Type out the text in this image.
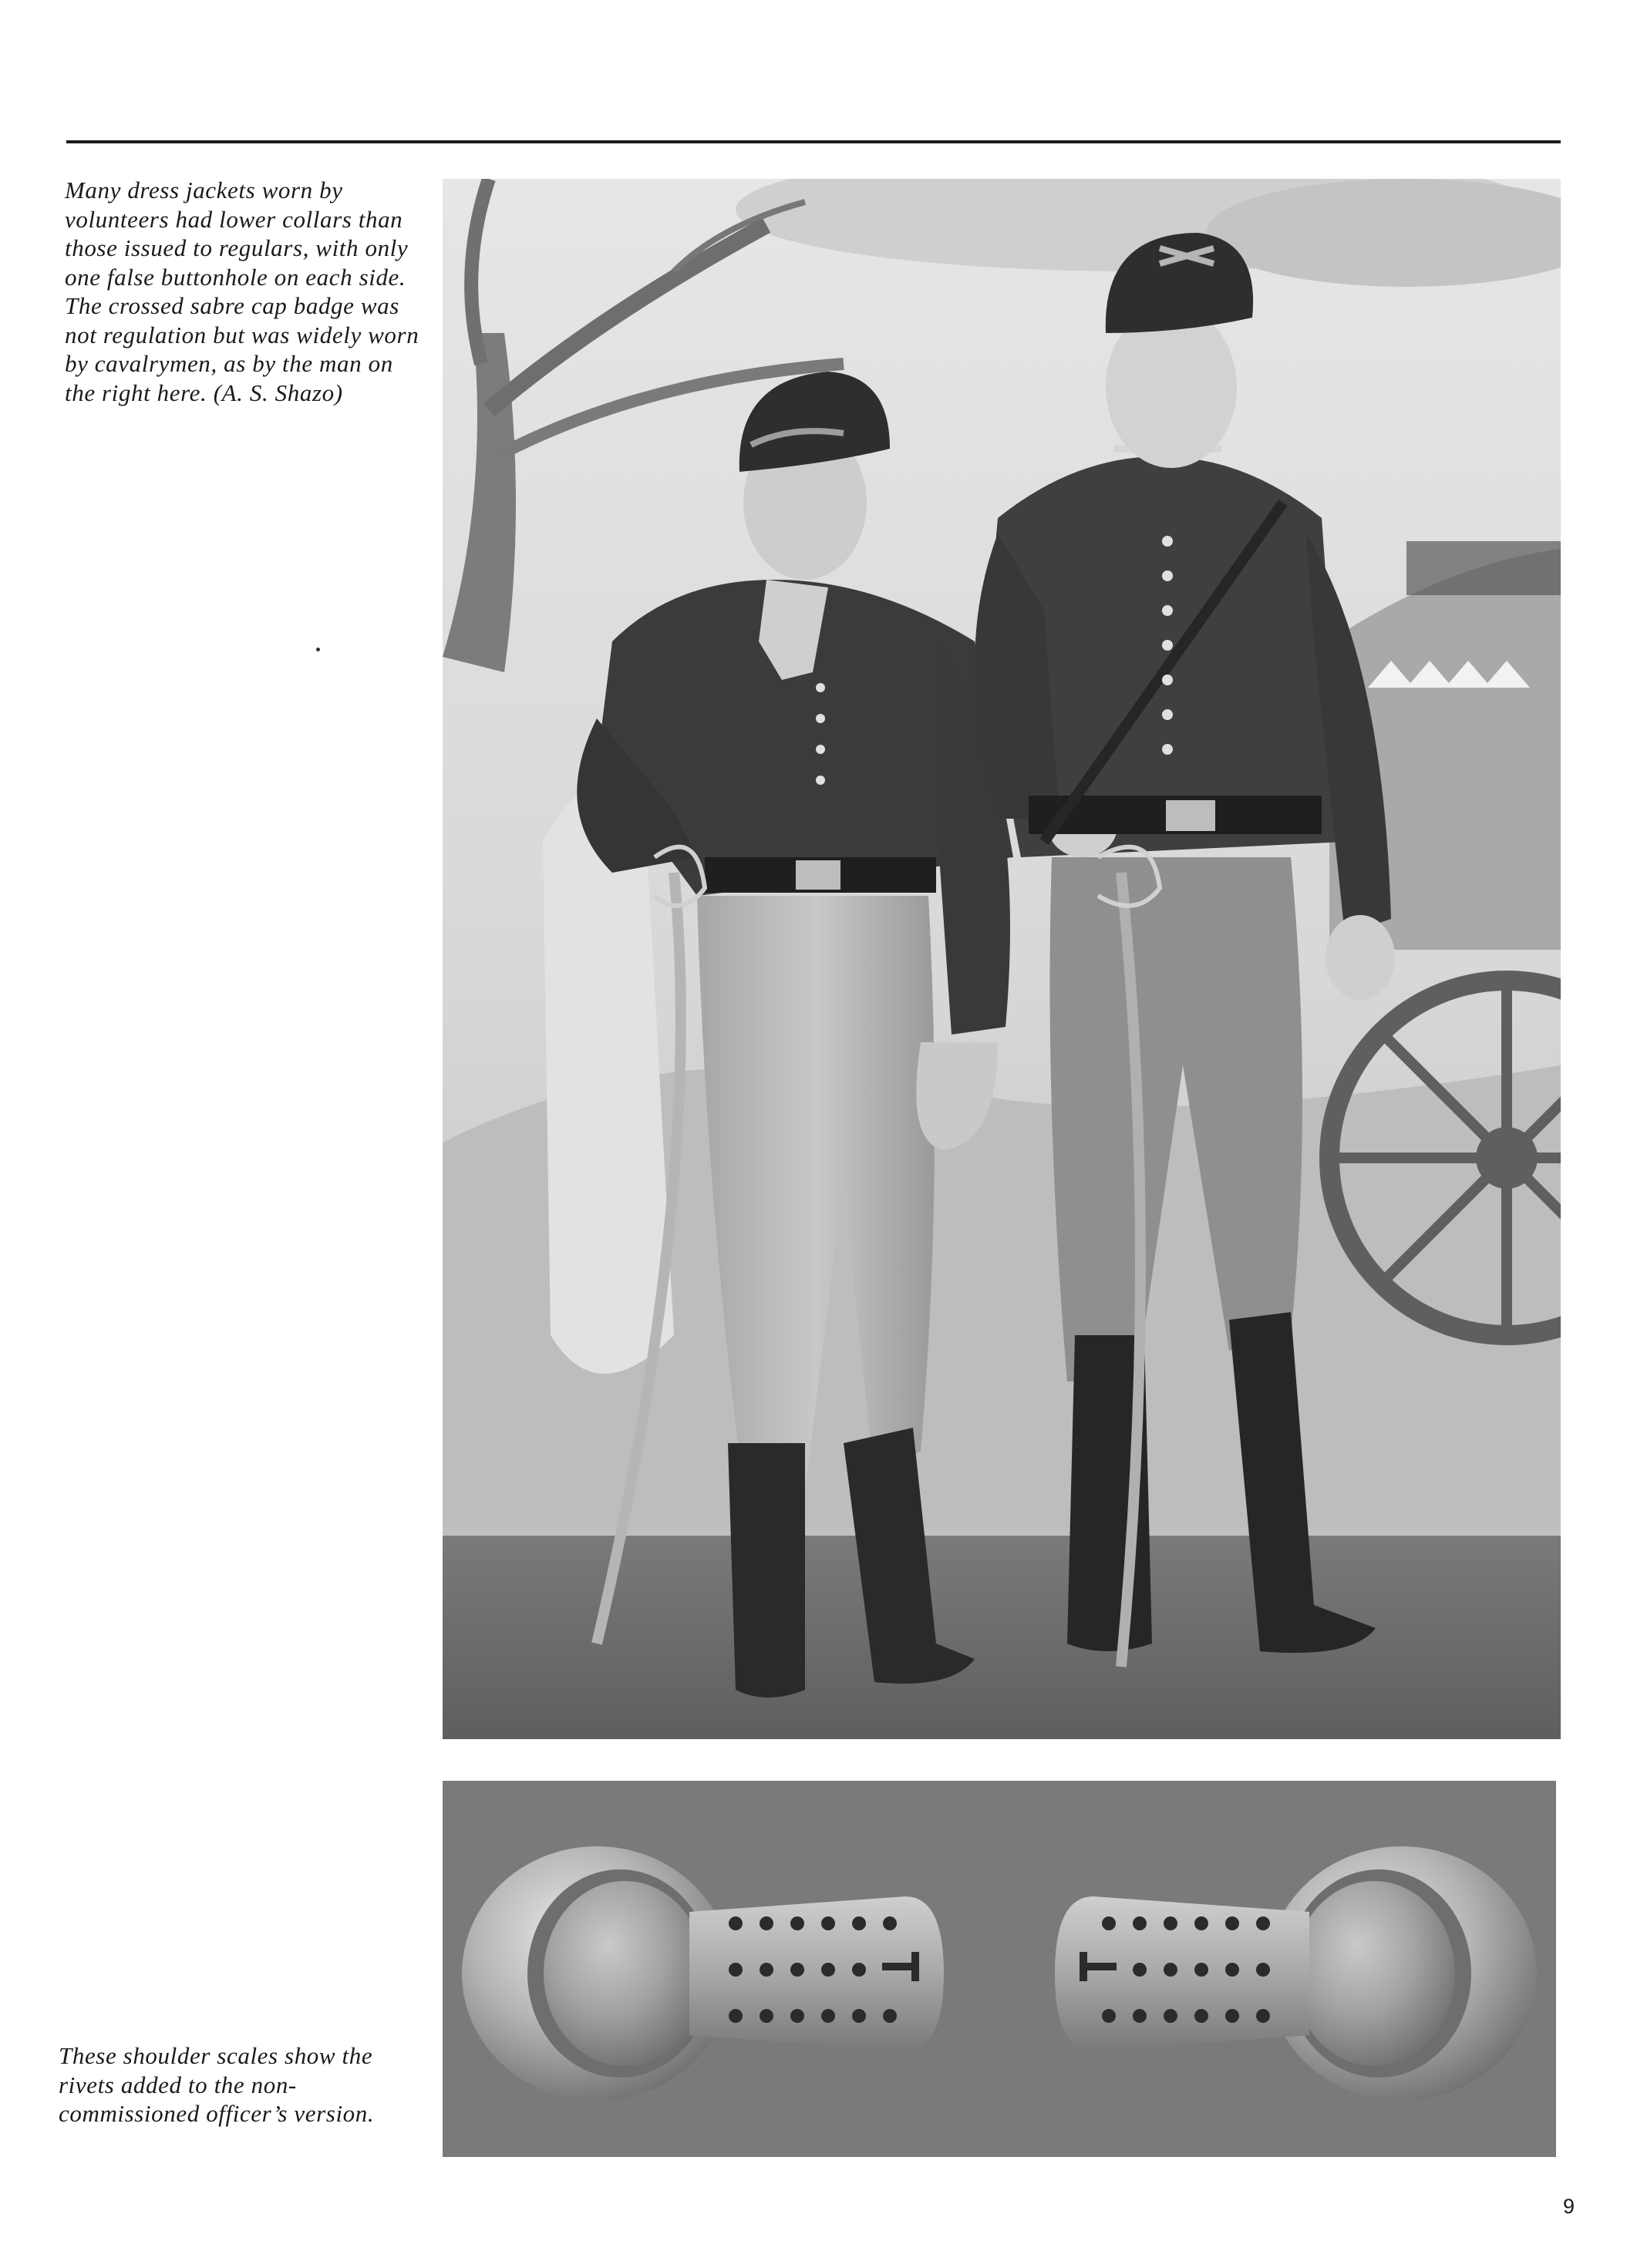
Many dress jackets worn by volunteers had lower collars than those issued to regulars, with only one false buttonhole on each side. The crossed sabre cap badge was not regulation but was widely worn by cavalrymen, as by the man on the right here. (A. S. Shazo)
These shoulder scales show the rivets added to the non-commissioned officer’s version.
9
